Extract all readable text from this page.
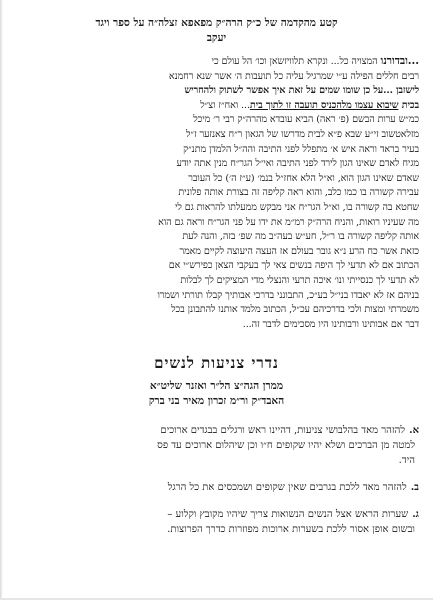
קטע מהקדמה של כ״ק הרה״ק מפאפא זצלה״ה על ספר ויגד
יעקב
...ובדורנו המצויה כל... ונקרא תלוויזשאן וכו׳ הל עולם כי
רבים חללים הפילה ע״י שמרגיל עליה כל תועבות ה׳ אשר שנא רחמנא
לישזבן ...על כן שומו שמים על זאת איך אפשר לשתוק ולהחריש
בכית שיבוא עצמו מלהכניס תועבה זו לתוך בית... ואח״ז וצ״ל
כמ״ש ערות הבשם (פ׳ ראה) הביא עובדא מהרה״ק רבי ר׳ מיכל
מזלאטשוב זי״ע שבא פ״א לבית מדרשו של הגאון ר״ח צאנזער ז״ל
בעיר בראד וראה איש א׳ מתפלל לפני התיבה והה״ל הלמדן מתנ״ק
מגיח לאדם שאינו הגון לירד לפני התיבה ואי״ל הגר״ח מנין אתה יודע
שאדם שאינו הגון הוא, וא״ל הלא אחז״ל בנמ׳ (ע״ז ה׳) כל העובר
עבירה קשורה בו כמו כלב, והוא ראה קליפה זה בצורת אותה פלונית
שחטא בה קשורה בו, וא״ל הגר״ח אני מבקש ממעלתו להראות גם לי
מה שעיניו רואות, והניח הרה״ק רמ״מ את ידו על פני הגר״ח וראה גם הוא
אותה קליפה קשורה בו ר״ל, חע״ש בעה״ב מה שפ׳ בזה, והנה לעת
כזאת אשר כח הרע נ״א גובר בעולם אז העצה היעוצה לקיים מאמר
הכתוב אם לא תדעי לך היפה בנשים צאי לך בעקבי הצאן כפירש״י אם
לא תדעי לך כנסייתי ונו׳ איכה תרעי והנצלי מדי המציקים לך לבלות
בניהם אז לא יאבדו בני״ל בע״כ, התבונני בדרכי אבותיך קבלו תורתי ושמרו
משמרתי ומצות ולכי בדרכיהם עכ״ל, הכתוב מלמד אותנו להתבונן בכל
דבר אם אבותינו ורבותינו היו מסכימים לדבר זה...
נדרי צניעות לנשים
ממרן הגה״צ הל״ר ואזנר שליט״א
האבד״ק ור״מ זכרון מאיר בני ברק
א.להזהר מאד בהלבושי צניעות, דהיינו ראש ורגלים בבגדים ארוכים
למטה מן הברכים ושלא יהיו שקופים ח״ו וכן שיהלום ארוכים עד פס
היד.
ב.להזהר מאד ללכת בגרבים שאין שקופים ושמכסים את כל הרגל
ג.שערות הראש אצל הנשים הנשואות צריך שיהיו מקובץ וקלוע –
ובשום אופן אסור ללכת בשערות ארוכות מפוזרות כדרך הפרוצות.
